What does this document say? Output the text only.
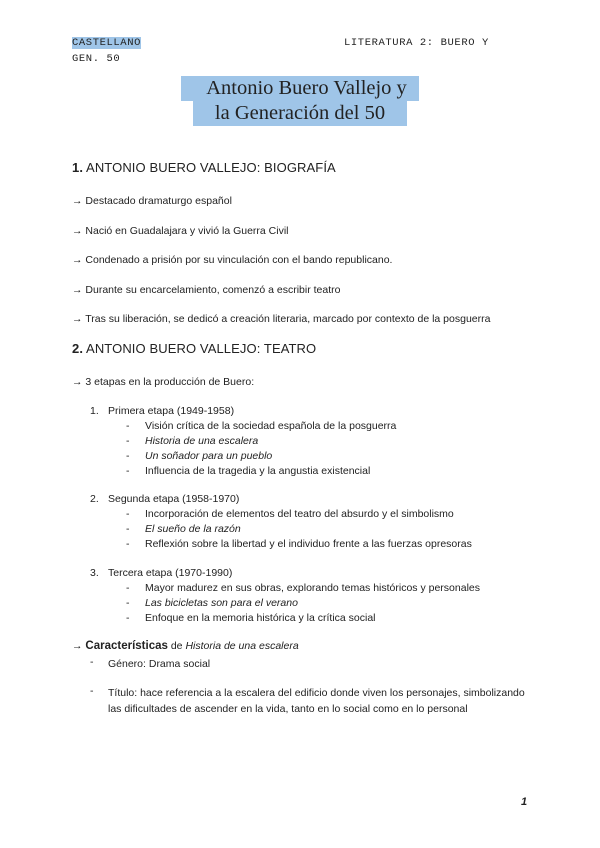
CASTELLANO
GEN. 50
LITERATURA 2: BUERO Y
Antonio Buero Vallejo y
la Generación del 50
1. ANTONIO BUERO VALLEJO: BIOGRAFÍA
→ Destacado dramaturgo español
→ Nació en Guadalajara y vivió la Guerra Civil
→ Condenado a prisión por su vinculación con el bando republicano.
→ Durante su encarcelamiento, comenzó a escribir teatro
→ Tras su liberación, se dedicó a creación literaria, marcado por contexto de la posguerra
2. ANTONIO BUERO VALLEJO: TEATRO
→ 3 etapas en la producción de Buero:
1. Primera etapa (1949-1958)
- Visión crítica de la sociedad española de la posguerra
- Historia de una escalera
- Un soñador para un pueblo
- Influencia de la tragedia y la angustia existencial
2. Segunda etapa (1958-1970)
- Incorporación de elementos del teatro del absurdo y el simbolismo
- El sueño de la razón
- Reflexión sobre la libertad y el individuo frente a las fuerzas opresoras
3. Tercera etapa (1970-1990)
- Mayor madurez en sus obras, explorando temas históricos y personales
- Las bicicletas son para el verano
- Enfoque en la memoria histórica y la crítica social
→ Características de Historia de una escalera
- Género: Drama social
- Título: hace referencia a la escalera del edificio donde viven los personajes, simbolizando las dificultades de ascender en la vida, tanto en lo social como en lo personal
1
